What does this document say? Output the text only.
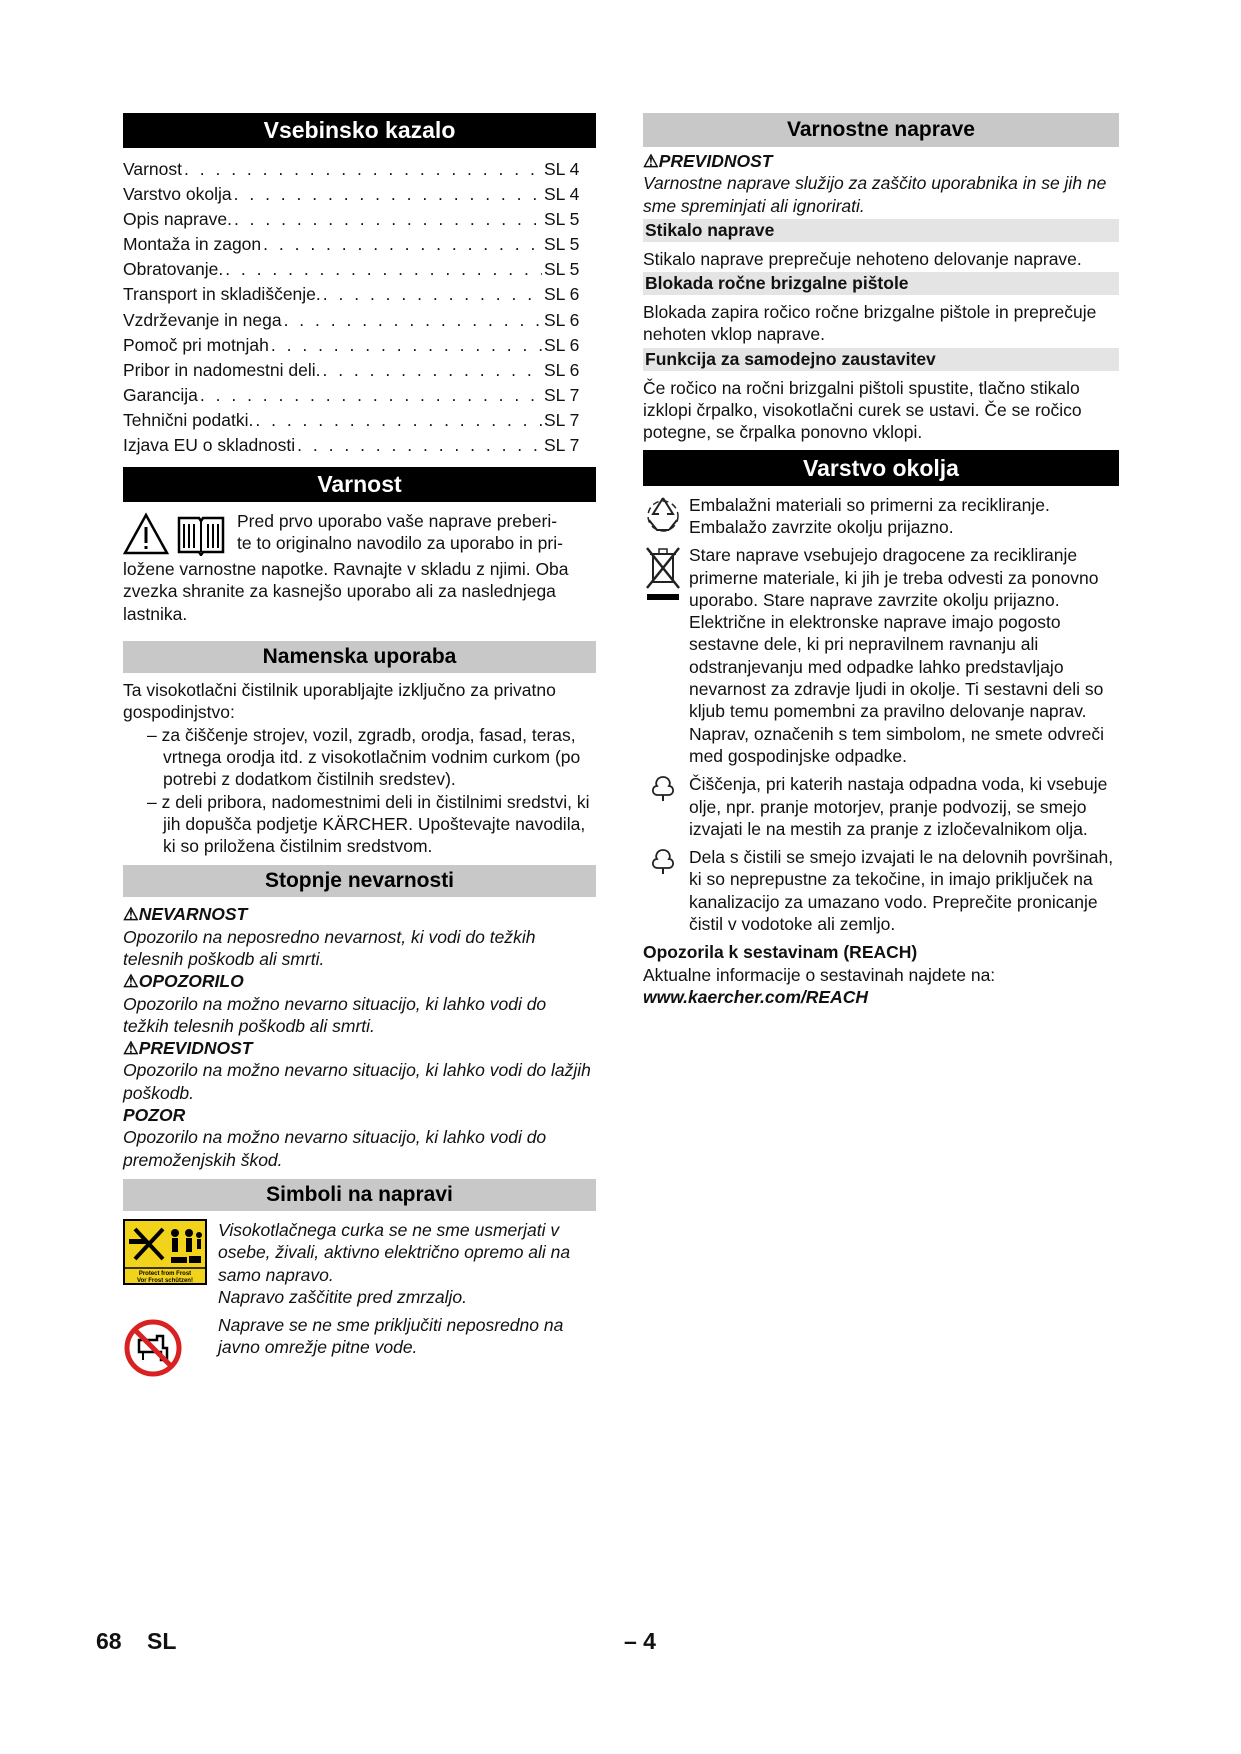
Vsebinsko kazalo
Varnost . . .	SL 4
Varstvo okolja . . .	SL 4
Opis naprave. . . .	SL 5
Montaža in zagon . . .	SL 5
Obratovanje. . . .	SL 5
Transport in skladiščenje. . . .	SL 6
Vzdrževanje in nega . . .	SL 6
Pomoč pri motnjah . . .	SL 6
Pribor in nadomestni deli. . . .	SL 6
Garancija . . .	SL 7
Tehnični podatki. . . .	SL 7
Izjava EU o skladnosti . . .	SL 7
Varnost

Pred prvo uporabo vaše naprave preberi-

te to originalno navodilo za uporabo in pri-

ložene varnostne napotke. Ravnajte v skladu z njimi. Oba zvezka shranite za kasnejšo uporabo ali za naslednjega lastnika.

Namenska uporaba

Ta visokotlačni čistilnik uporabljajte izključno za privatno gospodinjstvo:

– za čiščenje strojev, vozil, zgradb, orodja, fasad, teras, vrtnega orodja itd. z visokotlačnim vodnim curkom (po potrebi z dodatkom čistilnih sredstev).

– z deli pribora, nadomestnimi deli in čistilnimi sredstvi, ki jih dopušča podjetje KÄRCHER. Upoštevajte navodila, ki so priložena čistilnim sredstvom.

Stopnje nevarnosti

⚠NEVARNOST

Opozorilo na neposredno nevarnost, ki vodi do težkih telesnih poškodb ali smrti.

⚠OPOZORILO

Opozorilo na možno nevarno situacijo, ki lahko vodi do težkih telesnih poškodb ali smrti.

⚠PREVIDNOST

Opozorilo na možno nevarno situacijo, ki lahko vodi do lažjih poškodb.

POZOR

Opozorilo na možno nevarno situacijo, ki lahko vodi do premoženjskih škod.

Simboli na napravi
Protect from Frost
Vor Frost schützen!

Visokotlačnega curka se ne sme usmerjati v osebe, živali, aktivno električno opremo ali na samo napravo.

Napravo zaščitite pred zmrzaljo.

Naprave se ne sme priključiti neposredno na javno omrežje pitne vode.

Varnostne naprave

⚠PREVIDNOST

Varnostne naprave služijo za zaščito uporabnika in se jih ne sme spreminjati ali ignorirati.

Stikalo naprave

Stikalo naprave preprečuje nehoteno delovanje naprave.

Blokada ročne brizgalne pištole

Blokada zapira ročico ročne brizgalne pištole in preprečuje nehoten vklop naprave.

Funkcija za samodejno zaustavitev

Če ročico na ročni brizgalni pištoli spustite, tlačno stikalo izklopi črpalko, visokotlačni curek se ustavi. Če se ročico potegne, se črpalka ponovno vklopi.

Varstvo okolja

Embalažni materiali so primerni za recikliranje. Embalažo zavrzite okolju prijazno.

Stare naprave vsebujejo dragocene za recikliranje primerne materiale, ki jih je treba odvesti za ponovno uporabo. Stare naprave zavrzite okolju prijazno.

Električne in elektronske naprave imajo pogosto sestavne dele, ki pri nepravilnem ravnanju ali odstranjevanju med odpadke lahko predstavljajo nevarnost za zdravje ljudi in okolje. Ti sestavni deli so kljub temu pomembni za pravilno delovanje naprav. Naprav, označenih s tem simbolom, ne smete odvreči med gospodinjske odpadke.

Čiščenja, pri katerih nastaja odpadna voda, ki vsebuje olje, npr. pranje motorjev, pranje podvozij, se smejo izvajati le na mestih za pranje z izločevalnikom olja.

Dela s čistili se smejo izvajati le na delovnih površinah, ki so neprepustne za tekočine, in imajo priključek na kanalizacijo za umazano vodo. Preprečite pronicanje čistil v vodotoke ali zemljo.

Opozorila k sestavinam (REACH)

Aktualne informacije o sestavinah najdete na:

www.kaercher.com/REACH

68 SL	– 4
